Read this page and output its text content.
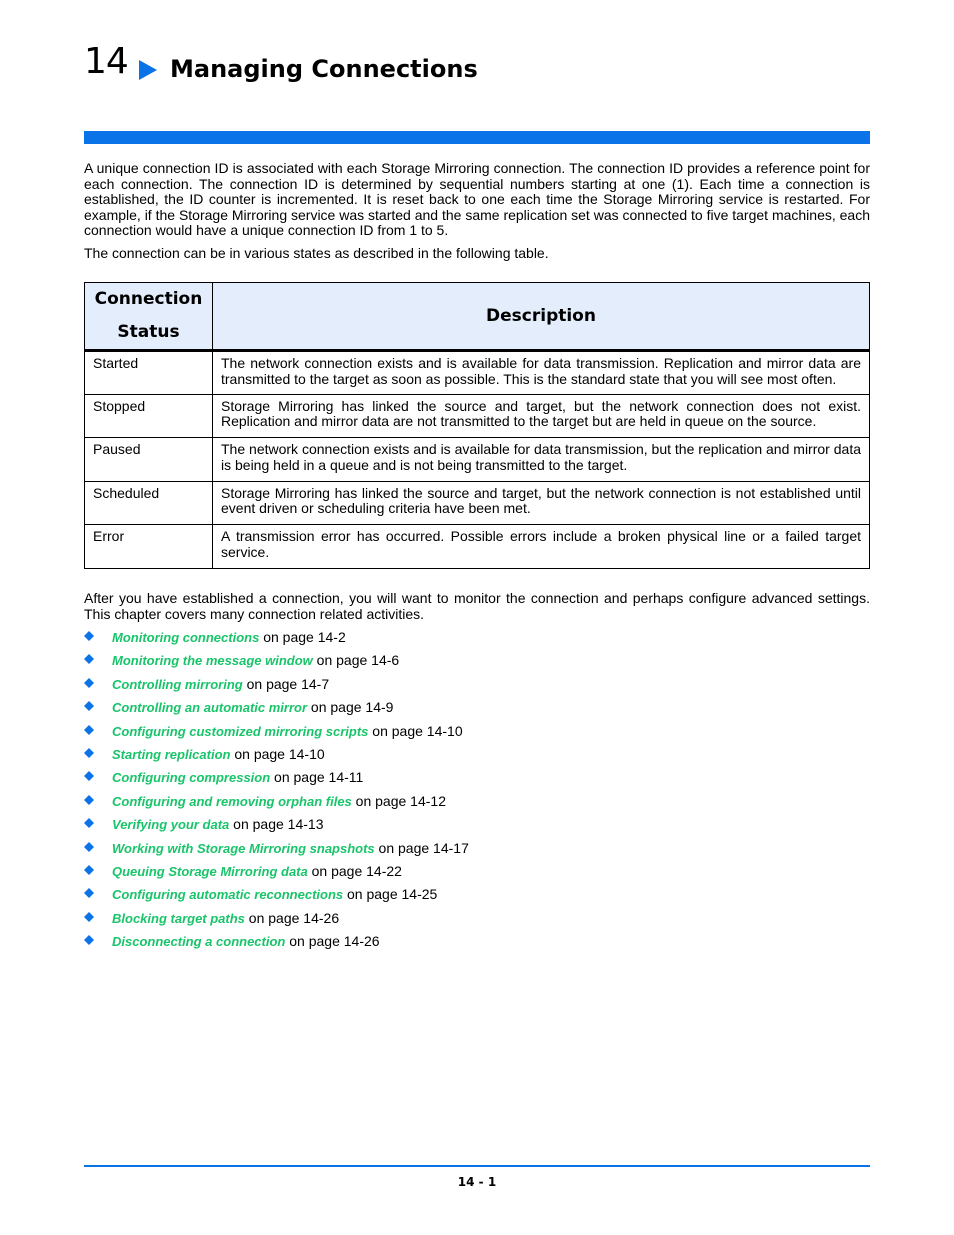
14 Managing Connections
A unique connection ID is associated with each Storage Mirroring connection. The connection ID provides a reference point for each connection. The connection ID is determined by sequential numbers starting at one (1). Each time a connection is established, the ID counter is incremented. It is reset back to one each time the Storage Mirroring service is restarted. For example, if the Storage Mirroring service was started and the same replication set was connected to five target machines, each connection would have a unique connection ID from 1 to 5.
The connection can be in various states as described in the following table.
Connection
Status	Description
Started	The network connection exists and is available for data transmission. Replication and mirror data are transmitted to the target as soon as possible. This is the standard state that you will see most often.
Stopped	Storage Mirroring has linked the source and target, but the network connection does not exist. Replication and mirror data are not transmitted to the target but are held in queue on the source.
Paused	The network connection exists and is available for data transmission, but the replication and mirror data is being held in a queue and is not being transmitted to the target.
Scheduled	Storage Mirroring has linked the source and target, but the network connection is not established until event driven or scheduling criteria have been met.
Error	A transmission error has occurred. Possible errors include a broken physical line or a failed target service.
After you have established a connection, you will want to monitor the connection and perhaps configure advanced settings. This chapter covers many connection related activities.
Monitoring connections on page 14-2
Monitoring the message window on page 14-6
Controlling mirroring on page 14-7
Controlling an automatic mirror on page 14-9
Configuring customized mirroring scripts on page 14-10
Starting replication on page 14-10
Configuring compression on page 14-11
Configuring and removing orphan files on page 14-12
Verifying your data on page 14-13
Working with Storage Mirroring snapshots on page 14-17
Queuing Storage Mirroring data on page 14-22
Configuring automatic reconnections on page 14-25
Blocking target paths on page 14-26
Disconnecting a connection on page 14-26
14 - 1
